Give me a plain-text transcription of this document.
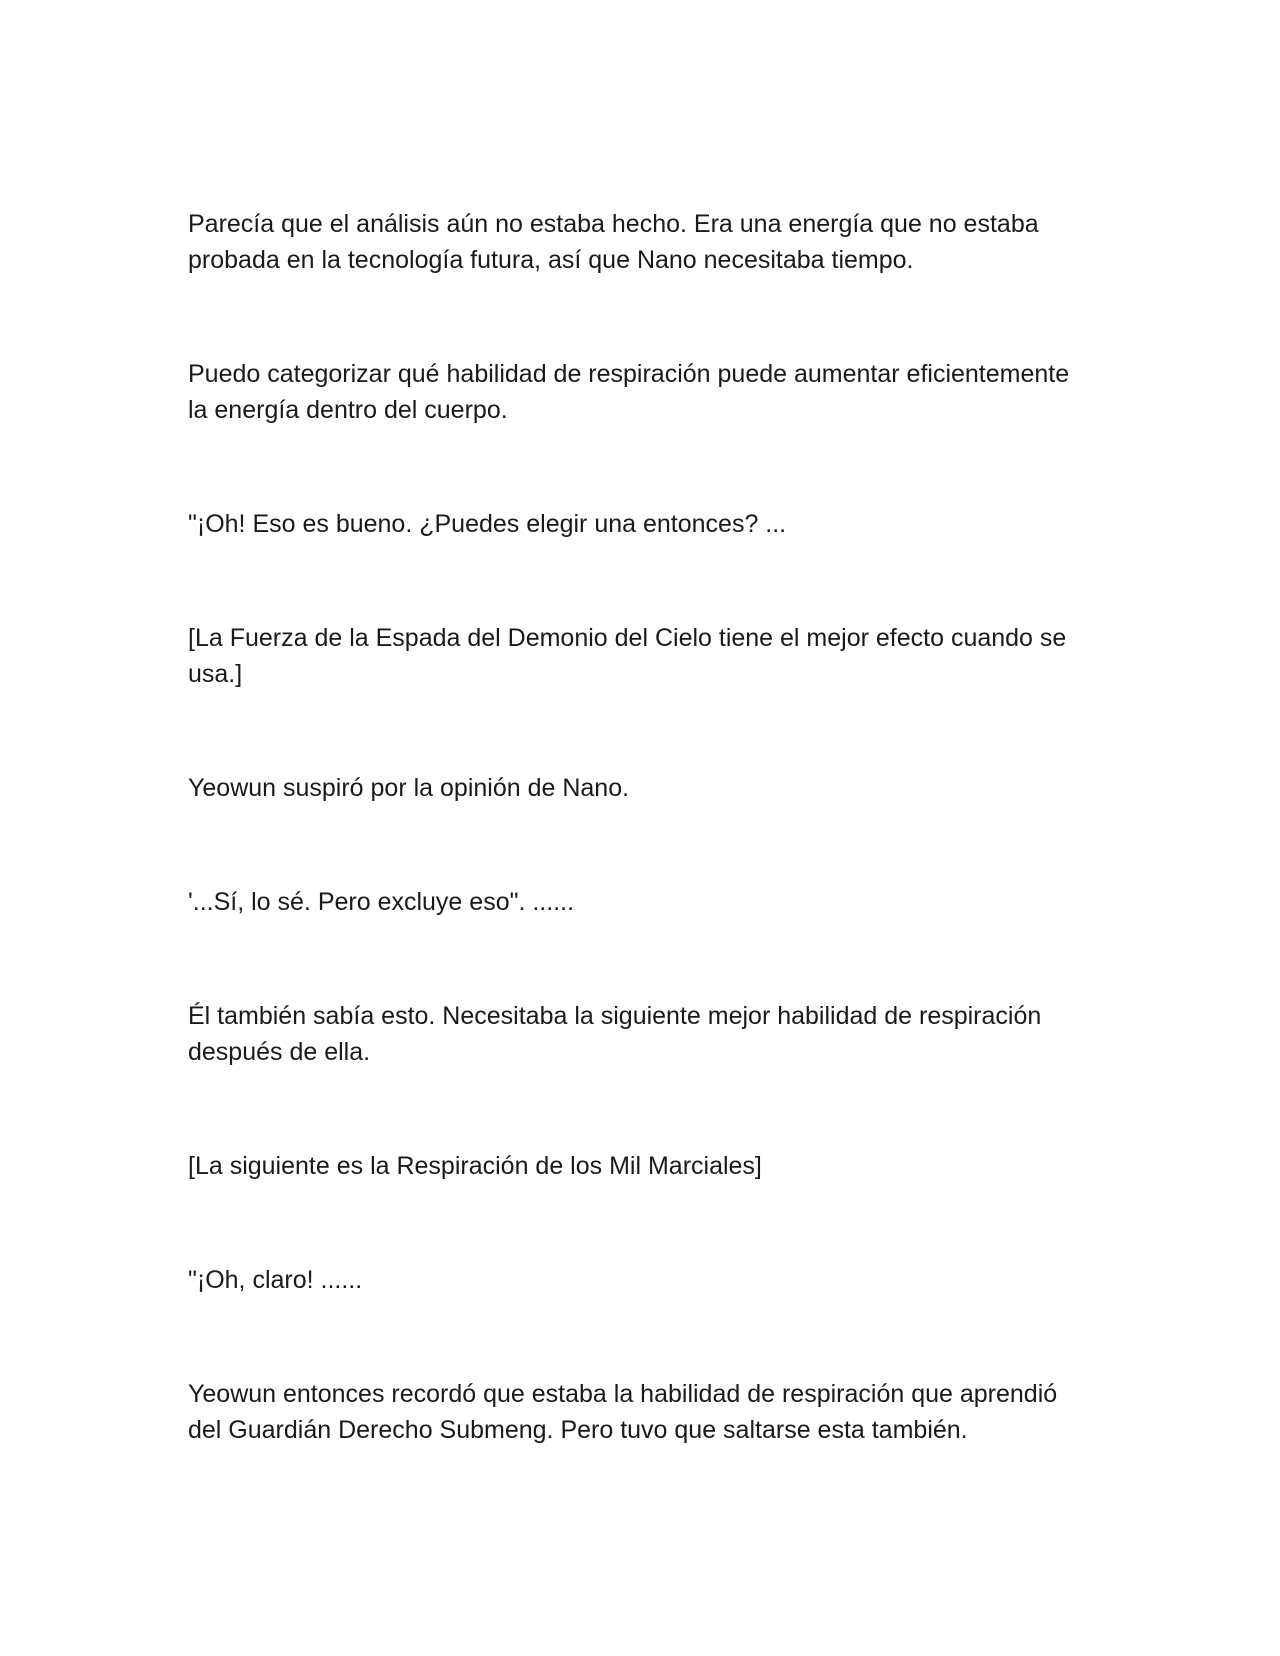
Parecía que el análisis aún no estaba hecho. Era una energía que no estaba probada en la tecnología futura, así que Nano necesitaba tiempo.

Puedo categorizar qué habilidad de respiración puede aumentar eficientemente la energía dentro del cuerpo.

"¡Oh! Eso es bueno. ¿Puedes elegir una entonces? ...

[La Fuerza de la Espada del Demonio del Cielo tiene el mejor efecto cuando se usa.]

Yeowun suspiró por la opinión de Nano.

'...Sí, lo sé. Pero excluye eso". ......

Él también sabía esto. Necesitaba la siguiente mejor habilidad de respiración después de ella.

[La siguiente es la Respiración de los Mil Marciales]

"¡Oh, claro! ......

Yeowun entonces recordó que estaba la habilidad de respiración que aprendió del Guardián Derecho Submeng. Pero tuvo que saltarse esta también.
